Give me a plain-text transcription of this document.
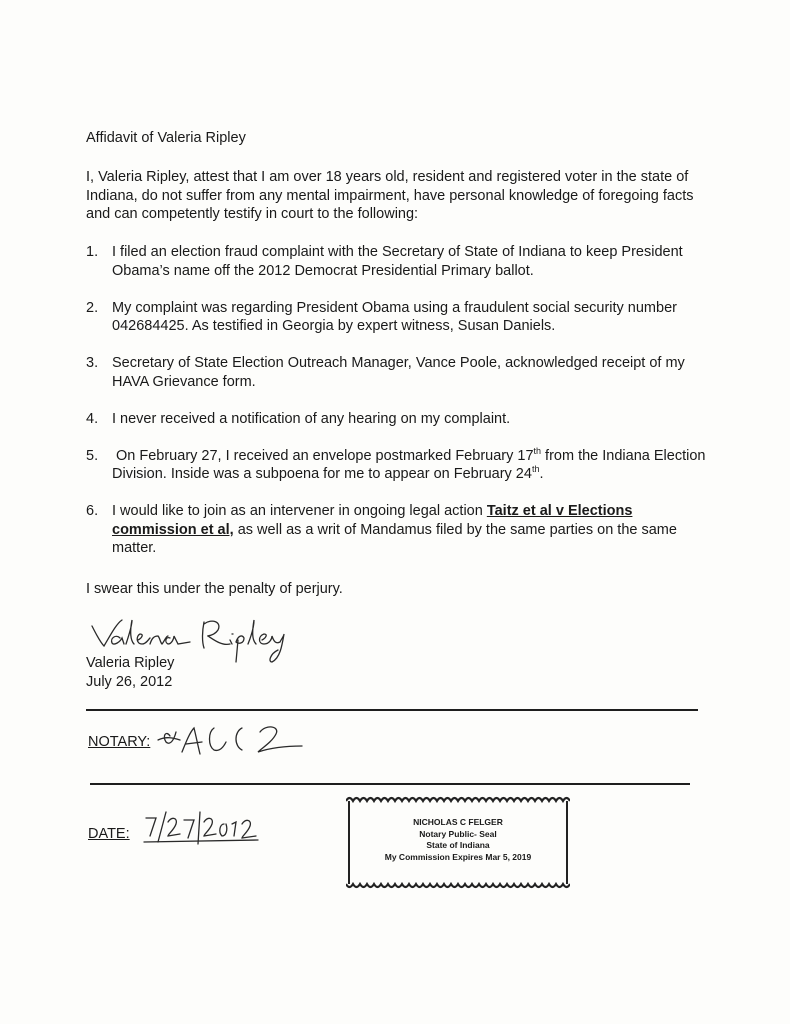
Affidavit of Valeria Ripley
I, Valeria Ripley, attest that I am over 18 years old, resident and registered voter in the state of Indiana, do not suffer from any mental impairment, have personal knowledge of foregoing facts and can competently testify in court to the following:
1. I filed an election fraud complaint with the Secretary of State of Indiana to keep President Obama’s name off the 2012 Democrat Presidential Primary ballot.
2. My complaint was regarding President Obama using a fraudulent social security number 042684425. As testified in Georgia by expert witness, Susan Daniels.
3. Secretary of State Election Outreach Manager, Vance Poole, acknowledged receipt of my HAVA Grievance form.
4. I never received a notification of any hearing on my complaint.
5. On February 27, I received an envelope postmarked February 17th from the Indiana Election Division. Inside was a subpoena for me to appear on February 24th.
6. I would like to join as an intervener in ongoing legal action Taitz et al v Elections commission et al, as well as a writ of Mandamus filed by the same parties on the same matter.
I swear this under the penalty of perjury.
Valeria Ripley
July 26, 2012
NOTARY:
DATE:
NICHOLAS C FELGER
Notary Public- Seal
State of Indiana
My Commission Expires Mar 5, 2019
